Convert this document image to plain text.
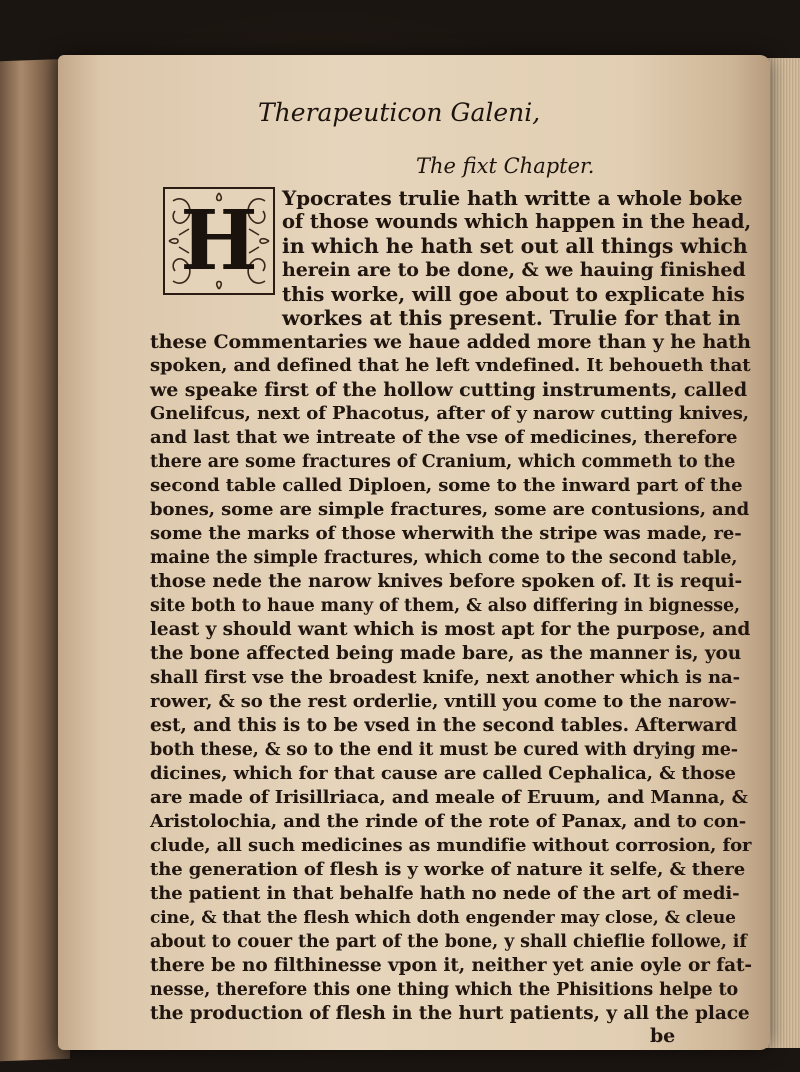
Therapeuticon Galeni,
The fixt Chapter.
H	Ypocrates trulie hath writte a whole boke
of those wounds which happen in the head,
in which he hath set out all things which
herein are to be done, & we hauing finished
this worke, will goe about to explicate his
workes at this present. Trulie for that in
these Commentaries we haue added more than y he hath
spoken, and defined that he left vndefined. It behoueth that
we speake first of the hollow cutting instruments, called
Gnelifcus, next of Phacotus, after of y narow cutting knives,
and last that we intreate of the vse of medicines, therefore
there are some fractures of Cranium, which commeth to the
second table called Diploen, some to the inward part of the
bones, some are simple fractures, some are contusions, and
some the marks of those wherwith the stripe was made, re-
maine the simple fractures, which come to the second table,
those nede the narow knives before spoken of. It is requi-
site both to haue many of them, & also differing in bignesse,
least y should want which is most apt for the purpose, and
the bone affected being made bare, as the manner is, you
shall first vse the broadest knife, next another which is na-
rower, & so the rest orderlie, vntill you come to the narow-
est, and this is to be vsed in the second tables. Afterward
both these, & so to the end it must be cured with drying me-
dicines, which for that cause are called Cephalica, & those
are made of Irisillriaca, and meale of Eruum, and Manna, &
Aristolochia, and the rinde of the rote of Panax, and to con-
clude, all such medicines as mundifie without corrosion, for
the generation of flesh is y worke of nature it selfe, & there
the patient in that behalfe hath no nede of the art of medi-
cine, & that the flesh which doth engender may close, & cleue
about to couer the part of the bone, y shall chieflie followe, if
there be no filthinesse vpon it, neither yet anie oyle or fat-
nesse, therefore this one thing which the Phisitions helpe to
the production of flesh in the hurt patients, y all the place
be
